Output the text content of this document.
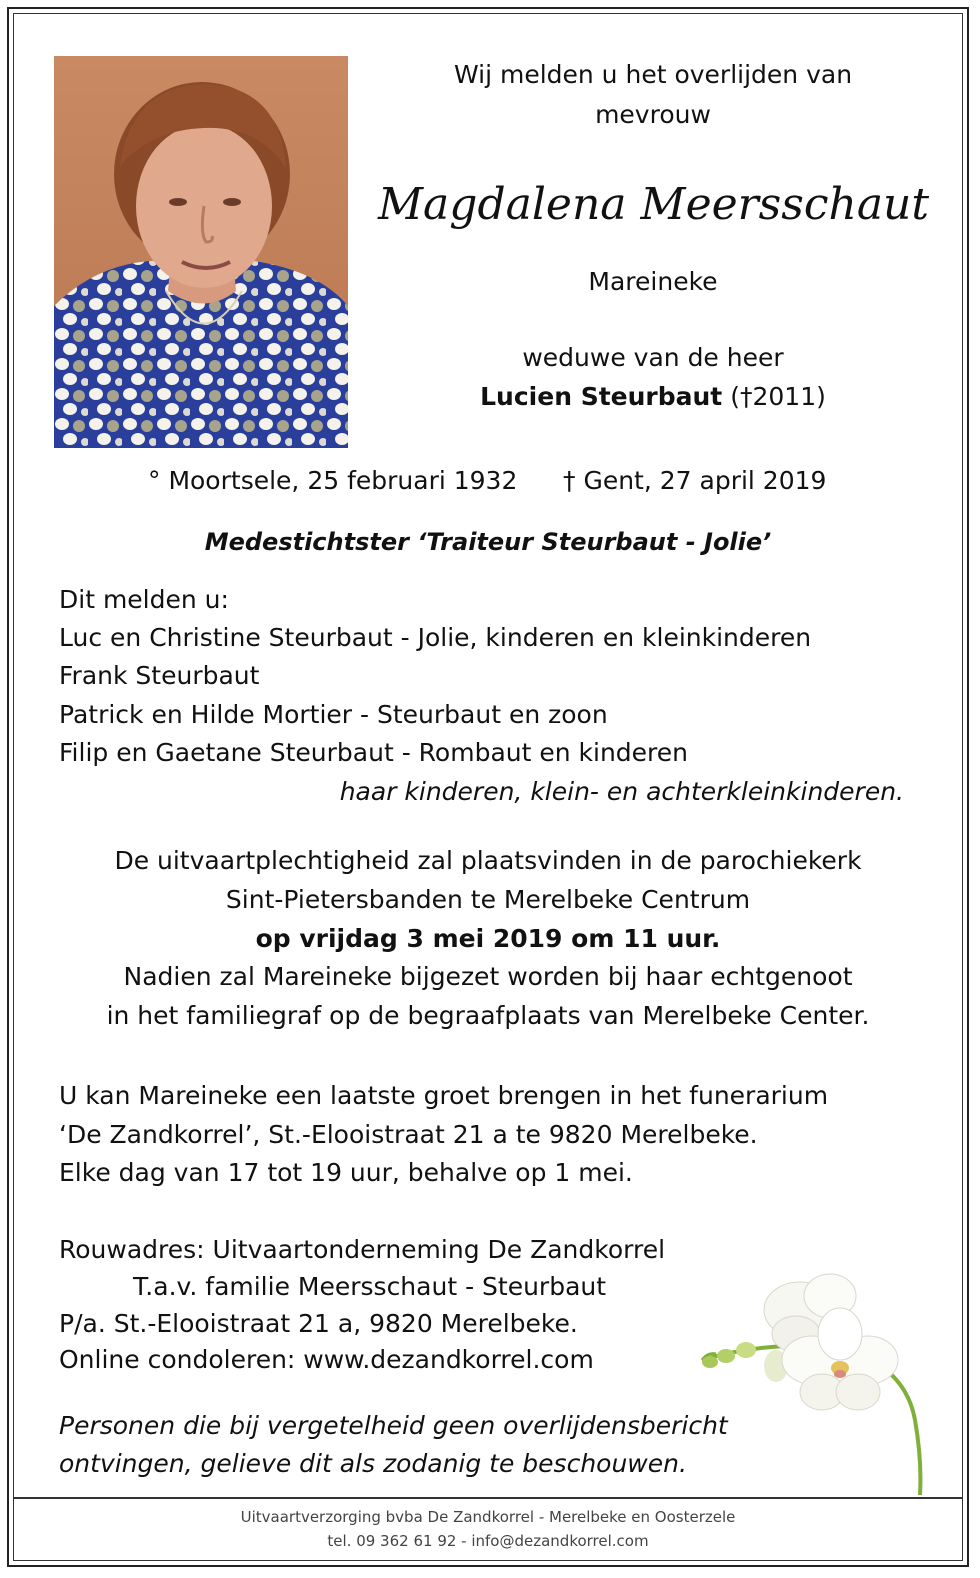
Wij melden u het overlijden van
mevrouw
Magdalena Meersschaut
Mareineke
weduwe van de heer
Lucien Steurbaut (†2011)
° Moortsele, 25 februari 1932 † Gent, 27 april 2019
Medestichtster ‘Traiteur Steurbaut - Jolie’
Dit melden u:
Luc en Christine Steurbaut - Jolie, kinderen en kleinkinderen
Frank Steurbaut
Patrick en Hilde Mortier - Steurbaut en zoon
Filip en Gaetane Steurbaut - Rombaut en kinderen
haar kinderen, klein- en achterkleinkinderen.
De uitvaartplechtigheid zal plaatsvinden in de parochiekerk
Sint-Pietersbanden te Merelbeke Centrum
op vrijdag 3 mei 2019 om 11 uur.
Nadien zal Mareineke bijgezet worden bij haar echtgenoot
in het familiegraf op de begraafplaats van Merelbeke Center.
U kan Mareineke een laatste groet brengen in het funerarium
‘De Zandkorrel’, St.-Elooistraat 21 a te 9820 Merelbeke.
Elke dag van 17 tot 19 uur, behalve op 1 mei.
Rouwadres: Uitvaartonderneming De Zandkorrel
T.a.v. familie Meersschaut - Steurbaut
P/a. St.-Elooistraat 21 a, 9820 Merelbeke.
Online condoleren: www.dezandkorrel.com
Personen die bij vergetelheid geen overlijdensbericht
ontvingen, gelieve dit als zodanig te beschouwen.
Uitvaartverzorging bvba De Zandkorrel - Merelbeke en Oosterzele
tel. 09 362 61 92 - info@dezandkorrel.com
